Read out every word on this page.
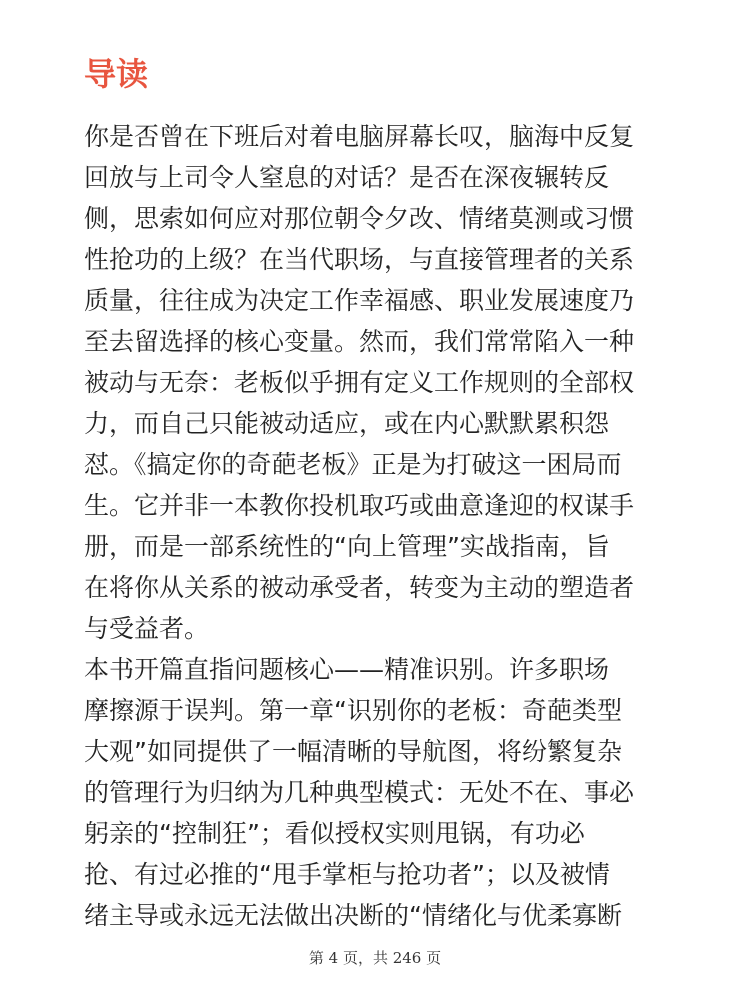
导读
你是否曾在下班后对着电脑屏幕长叹，脑海中反复
回放与上司令人窒息的对话？是否在深夜辗转反
侧，思索如何应对那位朝令夕改、情绪莫测或习惯
性抢功的上级？在当代职场，与直接管理者的关系
质量，往往成为决定工作幸福感、职业发展速度乃
至去留选择的核心变量。然而，我们常常陷入一种
被动与无奈：老板似乎拥有定义工作规则的全部权
力，而自己只能被动适应，或在内心默默累积怨
怼。《搞定你的奇葩老板》正是为打破这一困局而
生。它并非一本教你投机取巧或曲意逢迎的权谋手
册，而是一部系统性的“向上管理”实战指南，旨
在将你从关系的被动承受者，转变为主动的塑造者
与受益者。
本书开篇直指问题核心——精准识别。许多职场
摩擦源于误判。第一章“识别你的老板：奇葩类型
大观”如同提供了一幅清晰的导航图，将纷繁复杂
的管理行为归纳为几种典型模式：无处不在、事必
躬亲的“控制狂”；看似授权实则甩锅，有功必
抢、有过必推的“甩手掌柜与抢功者”；以及被情
绪主导或永远无法做出决断的“情绪化与优柔寡断
第 4 页，共 246 页
